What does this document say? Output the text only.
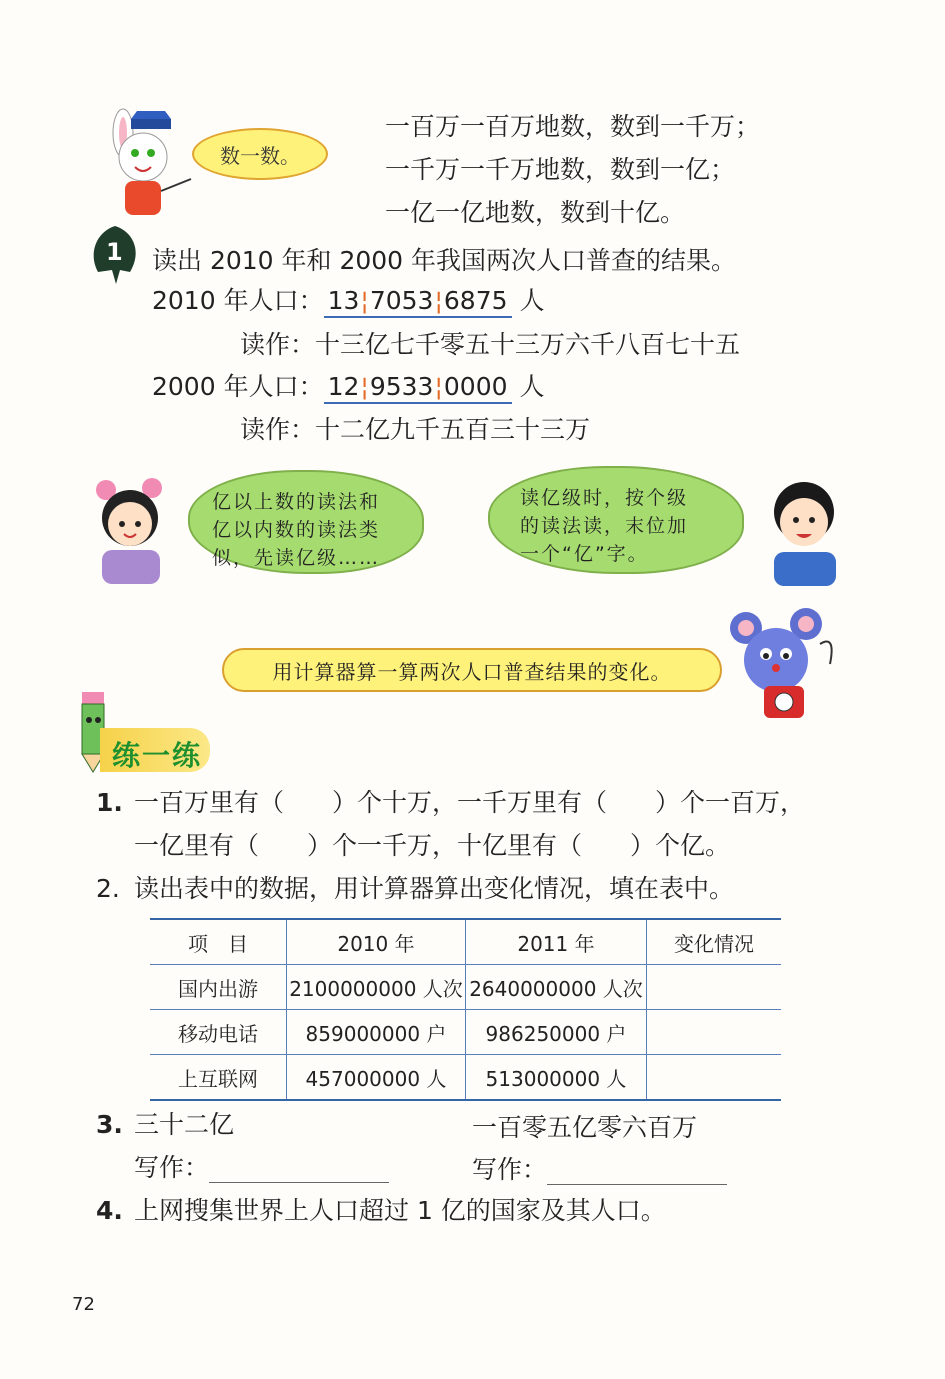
数一数。
一百万一百万地数，数到一千万；
一千万一千万地数，数到一亿；
一亿一亿地数，数到十亿。
1 读出 2010 年和 2000 年我国两次人口普查的结果。
2010 年人口： 13¦7053¦6875 人
读作：十三亿七千零五十三万六千八百七十五
2000 年人口： 12¦9533¦0000 人
读作：十二亿九千五百三十三万
亿以上数的读法和
亿以内数的读法类
似，先读亿级……
读亿级时，按个级
的读法读，末位加
一个“亿”字。
用计算器算一算两次人口普查结果的变化。
练一练
1. 一百万里有（ ）个十万，一千万里有（ ）个一百万，
一亿里有（ ）个一千万，十亿里有（ ）个亿。
2. 读出表中的数据，用计算器算出变化情况，填在表中。
项　目	2010 年	2011 年	变化情况
国内出游	2100000000 人次	2640000000 人次	
移动电话	859000000 户	986250000 户	
上互联网	457000000 人	513000000 人	
3. 三十二亿	一百零五亿零六百万
写作：	写作：
4. 上网搜集世界上人口超过 1 亿的国家及其人口。
72
